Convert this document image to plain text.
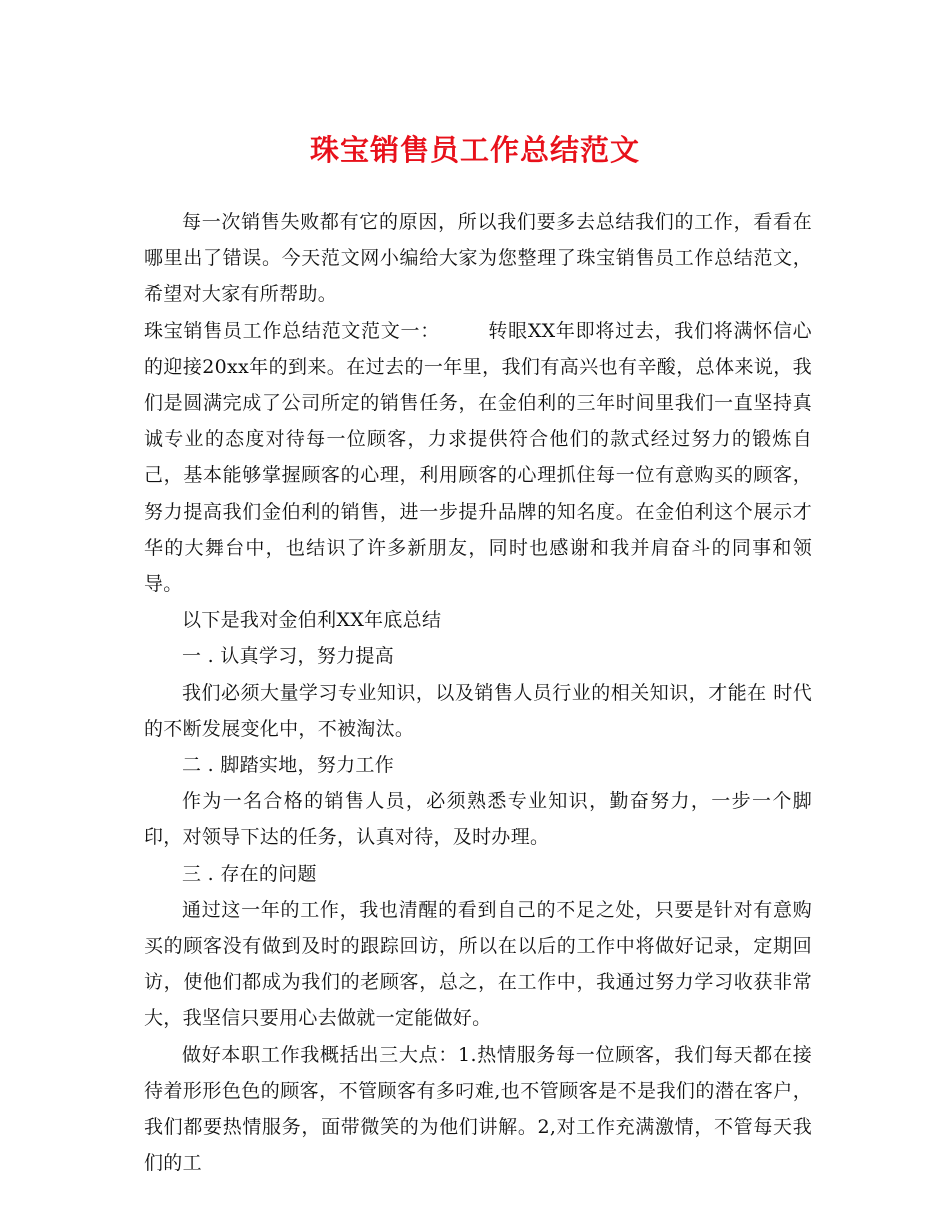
珠宝销售员工作总结范文

每一次销售失败都有它的原因，所以我们要多去总结我们的工作，看看在哪里出了错误。今天范文网小编给大家为您整理了珠宝销售员工作总结范文，希望对大家有所帮助。

珠宝销售员工作总结范文范文一：	转眼XX年即将过去，我们将满怀信心的迎接20xx年的到来。在过去的一年里，我们有高兴也有辛酸，总体来说，我们是圆满完成了公司所定的销售任务，在金伯利的三年时间里我们一直坚持真诚专业的态度对待每一位顾客，力求提供符合他们的款式经过努力的锻炼自己，基本能够掌握顾客的心理，利用顾客的心理抓住每一位有意购买的顾客，努力提高我们金伯利的销售，进一步提升品牌的知名度。在金伯利这个展示才华的大舞台中，也结识了许多新朋友，同时也感谢和我并肩奋斗的同事和领导。

以下是我对金伯利XX年底总结

一 . 认真学习，努力提高

我们必须大量学习专业知识，以及销售人员行业的相关知识，才能在 时代的不断发展变化中，不被淘汰。

二 . 脚踏实地，努力工作

作为一名合格的销售人员，必须熟悉专业知识，勤奋努力，一步一个脚印，对领导下达的任务，认真对待，及时办理。

三 . 存在的问题

通过这一年的工作，我也清醒的看到自己的不足之处，只要是针对有意购买的顾客没有做到及时的跟踪回访，所以在以后的工作中将做好记录，定期回访，使他们都成为我们的老顾客，总之，在工作中，我通过努力学习收获非常大，我坚信只要用心去做就一定能做好。

做好本职工作我概括出三大点：1.热情服务每一位顾客，我们每天都在接待着形形色色的顾客，不管顾客有多叼难,也不管顾客是不是我们的潜在客户，我们都要热情服务，面带微笑的为他们讲解。2,对工作充满激情，不管每天我们的工
